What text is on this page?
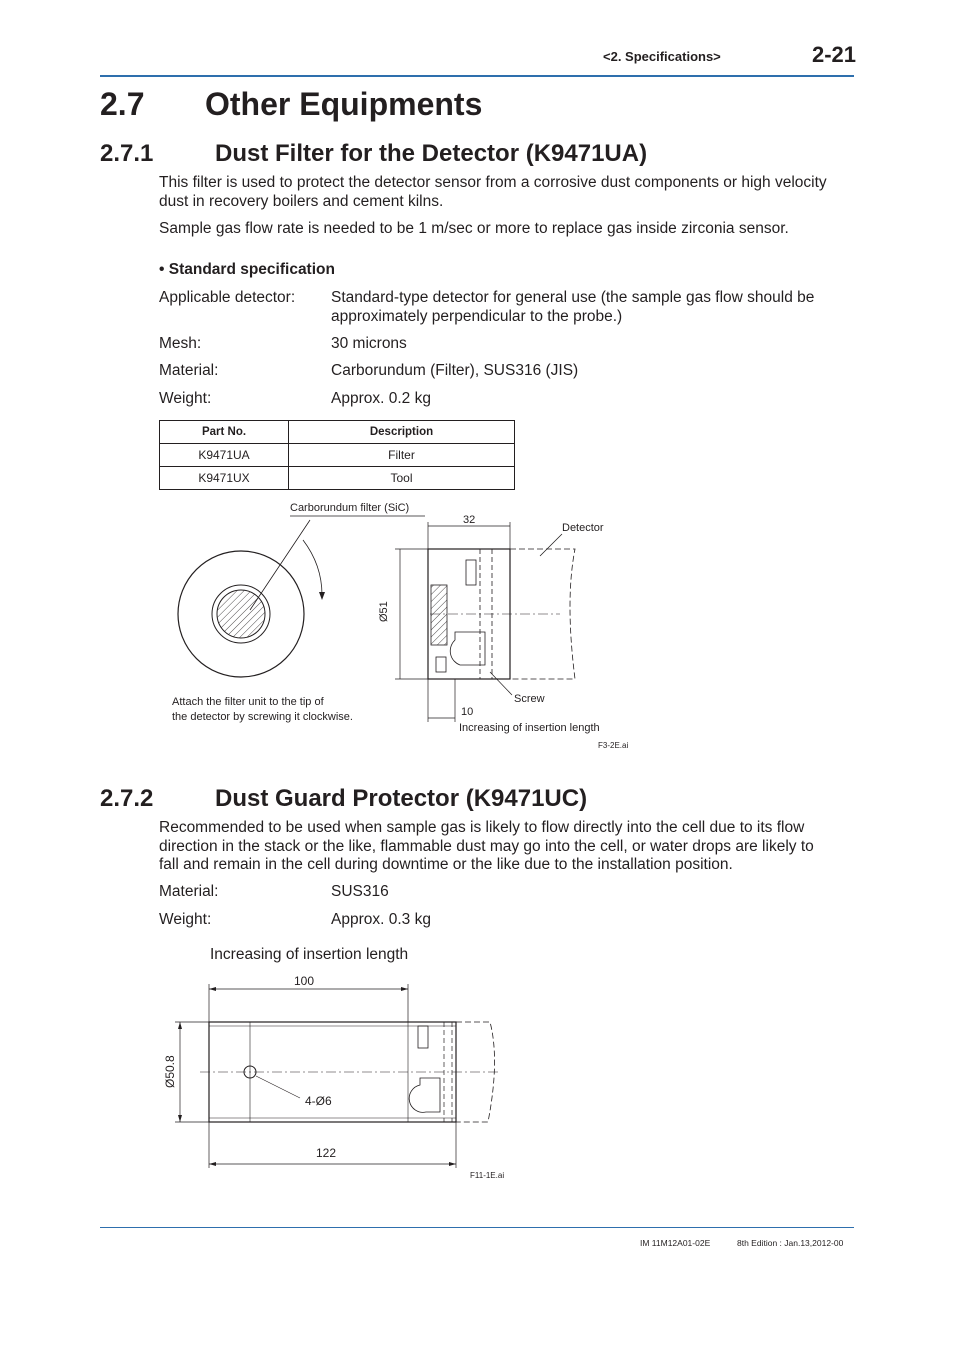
<2. Specifications>	2-21
2.7 Other Equipments
2.7.1	Dust Filter for the Detector (K9471UA)
This filter is used to protect the detector sensor from a corrosive dust components or high velocity
dust in recovery boilers and cement kilns.
Sample gas flow rate is needed to be 1 m/sec or more to replace gas inside zirconia sensor.
• Standard specification
Applicable detector: Standard-type detector for general use (the sample gas flow should be
approximately perpendicular to the probe.)
Mesh:	30 microns
Material:	Carborundum (Filter), SUS316 (JIS)
Weight:	Approx. 0.2 kg
Part No.	Description
K9471UA	Filter
K9471UX	Tool
Carborundum filter (SiC)
32
Detector
Ø51
Screw
10
Increasing of insertion length
Attach the filter unit to the tip of
the detector by screwing it clockwise.
F3-2E.ai
2.7.2	Dust Guard Protector (K9471UC)
Recommended to be used when sample gas is likely to flow directly into the cell due to its flow
direction in the stack or the like, flammable dust may go into the cell, or water drops are likely to
fall and remain in the cell during downtime or the like due to the installation position.
Material:	SUS316
Weight:	Approx. 0.3 kg
Increasing of insertion length
100
Ø50.8
4-Ø6
122
F11-1E.ai
IM 11M12A01-02E	8th Edition : Jan.13,2012-00
